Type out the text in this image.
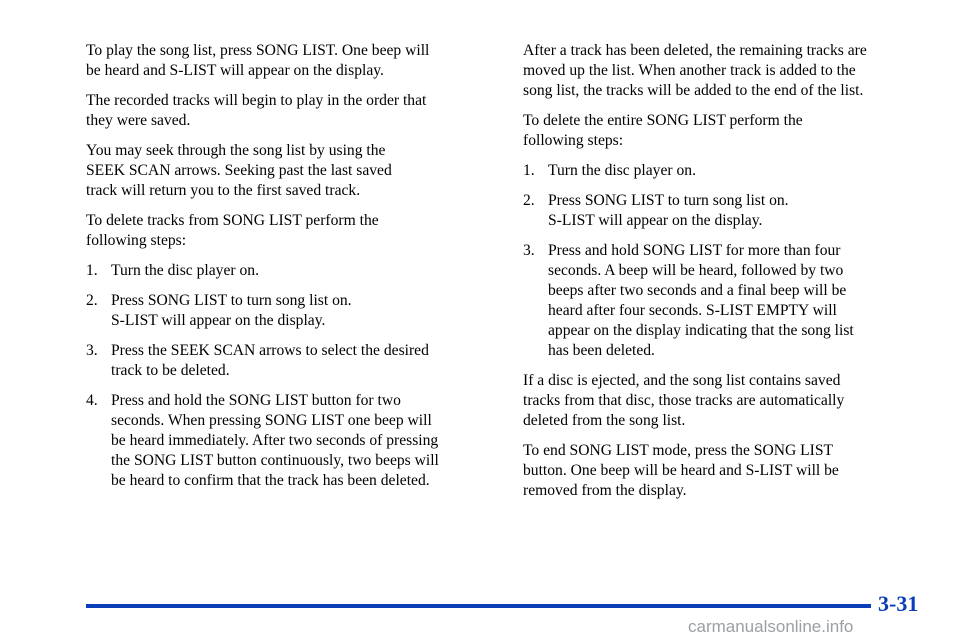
To play the song list, press SONG LIST. One beep will
be heard and S‑LIST will appear on the display.

The recorded tracks will begin to play in the order that
they were saved.

You may seek through the song list by using the
SEEK SCAN arrows. Seeking past the last saved
track will return you to the first saved track.

To delete tracks from SONG LIST perform the
following steps:

1. Turn the disc player on.
2. Press SONG LIST to turn song list on.
S‑LIST will appear on the display.
3. Press the SEEK SCAN arrows to select the desired
track to be deleted.
4. Press and hold the SONG LIST button for two
seconds. When pressing SONG LIST one beep will
be heard immediately. After two seconds of pressing
the SONG LIST button continuously, two beeps will
be heard to confirm that the track has been deleted.

After a track has been deleted, the remaining tracks are
moved up the list. When another track is added to the
song list, the tracks will be added to the end of the list.

To delete the entire SONG LIST perform the
following steps:

1. Turn the disc player on.
2. Press SONG LIST to turn song list on.
S‑LIST will appear on the display.
3. Press and hold SONG LIST for more than four
seconds. A beep will be heard, followed by two
beeps after two seconds and a final beep will be
heard after four seconds. S‑LIST EMPTY will
appear on the display indicating that the song list
has been deleted.

If a disc is ejected, and the song list contains saved
tracks from that disc, those tracks are automatically
deleted from the song list.

To end SONG LIST mode, press the SONG LIST
button. One beep will be heard and S‑LIST will be
removed from the display.

3-31
carmanualsonline.info
